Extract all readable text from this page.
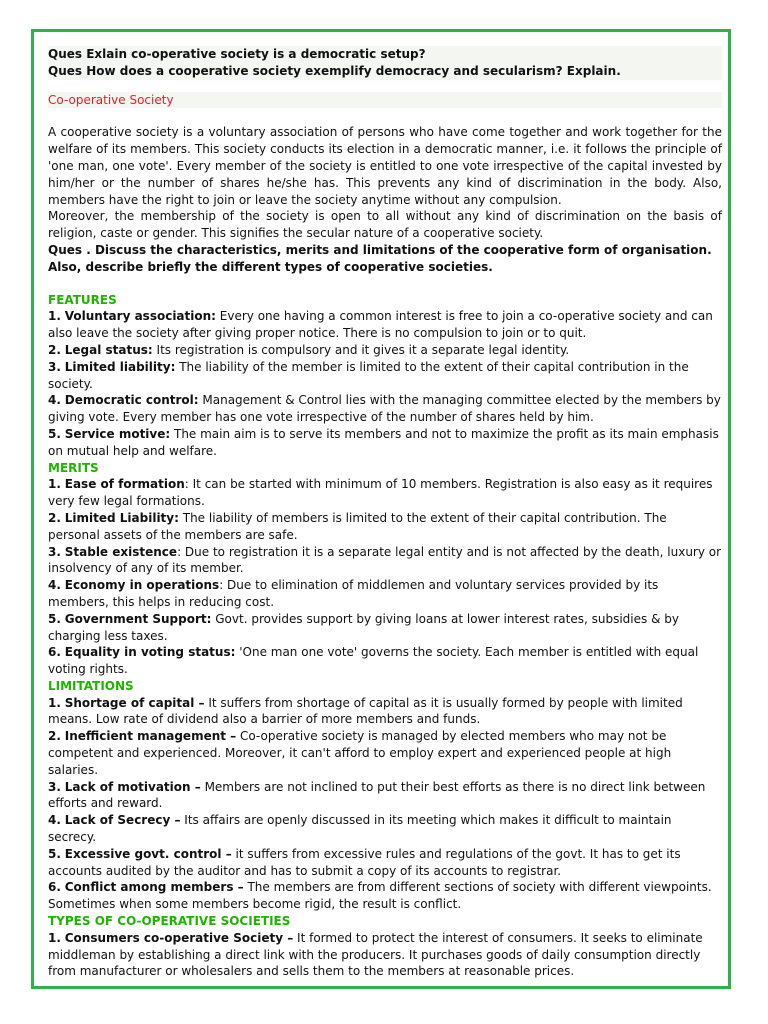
Ques Exlain co-operative society is a democratic setup?

Ques How does a cooperative society exemplify democracy and secularism? Explain.

Co-operative Society

A cooperative society is a voluntary association of persons who have come together and work together for the welfare of its members. This society conducts its election in a democratic manner, i.e. it follows the principle of 'one man, one vote'. Every member of the society is entitled to one vote irrespective of the capital invested by him/her or the number of shares he/she has. This prevents any kind of discrimination in the body. Also, members have the right to join or leave the society anytime without any compulsion.

Moreover, the membership of the society is open to all without any kind of discrimination on the basis of religion, caste or gender. This signifies the secular nature of a cooperative society.

Ques . Discuss the characteristics, merits and limitations of the cooperative form of organisation. Also, describe briefly the different types of cooperative societies.

FEATURES

1. Voluntary association: Every one having a common interest is free to join a co-operative society and can also leave the society after giving proper notice. There is no compulsion to join or to quit.

2. Legal status: Its registration is compulsory and it gives it a separate legal identity.

3. Limited liability: The liability of the member is limited to the extent of their capital contribution in the society.

4. Democratic control: Management & Control lies with the managing committee elected by the members by giving vote. Every member has one vote irrespective of the number of shares held by him.

5. Service motive: The main aim is to serve its members and not to maximize the profit as its main emphasis on mutual help and welfare.

MERITS

1. Ease of formation: It can be started with minimum of 10 members. Registration is also easy as it requires very few legal formations.

2. Limited Liability: The liability of members is limited to the extent of their capital contribution. The personal assets of the members are safe.

3. Stable existence: Due to registration it is a separate legal entity and is not affected by the death, luxury or insolvency of any of its member.

4. Economy in operations: Due to elimination of middlemen and voluntary services provided by its members, this helps in reducing cost.

5. Government Support: Govt. provides support by giving loans at lower interest rates, subsidies & by charging less taxes.

6. Equality in voting status: 'One man one vote' governs the society. Each member is entitled with equal voting rights.

LIMITATIONS

1. Shortage of capital – It suffers from shortage of capital as it is usually formed by people with limited means. Low rate of dividend also a barrier of more members and funds.

2. Inefficient management – Co-operative society is managed by elected members who may not be competent and experienced. Moreover, it can't afford to employ expert and experienced people at high salaries.

3. Lack of motivation – Members are not inclined to put their best efforts as there is no direct link between efforts and reward.

4. Lack of Secrecy – Its affairs are openly discussed in its meeting which makes it difficult to maintain secrecy.

5. Excessive govt. control – it suffers from excessive rules and regulations of the govt. It has to get its accounts audited by the auditor and has to submit a copy of its accounts to registrar.

6. Conflict among members – The members are from different sections of society with different viewpoints. Sometimes when some members become rigid, the result is conflict.

TYPES OF CO-OPERATIVE SOCIETIES

1. Consumers co-operative Society – It formed to protect the interest of consumers. It seeks to eliminate middleman by establishing a direct link with the producers. It purchases goods of daily consumption directly from manufacturer or wholesalers and sells them to the members at reasonable prices.
